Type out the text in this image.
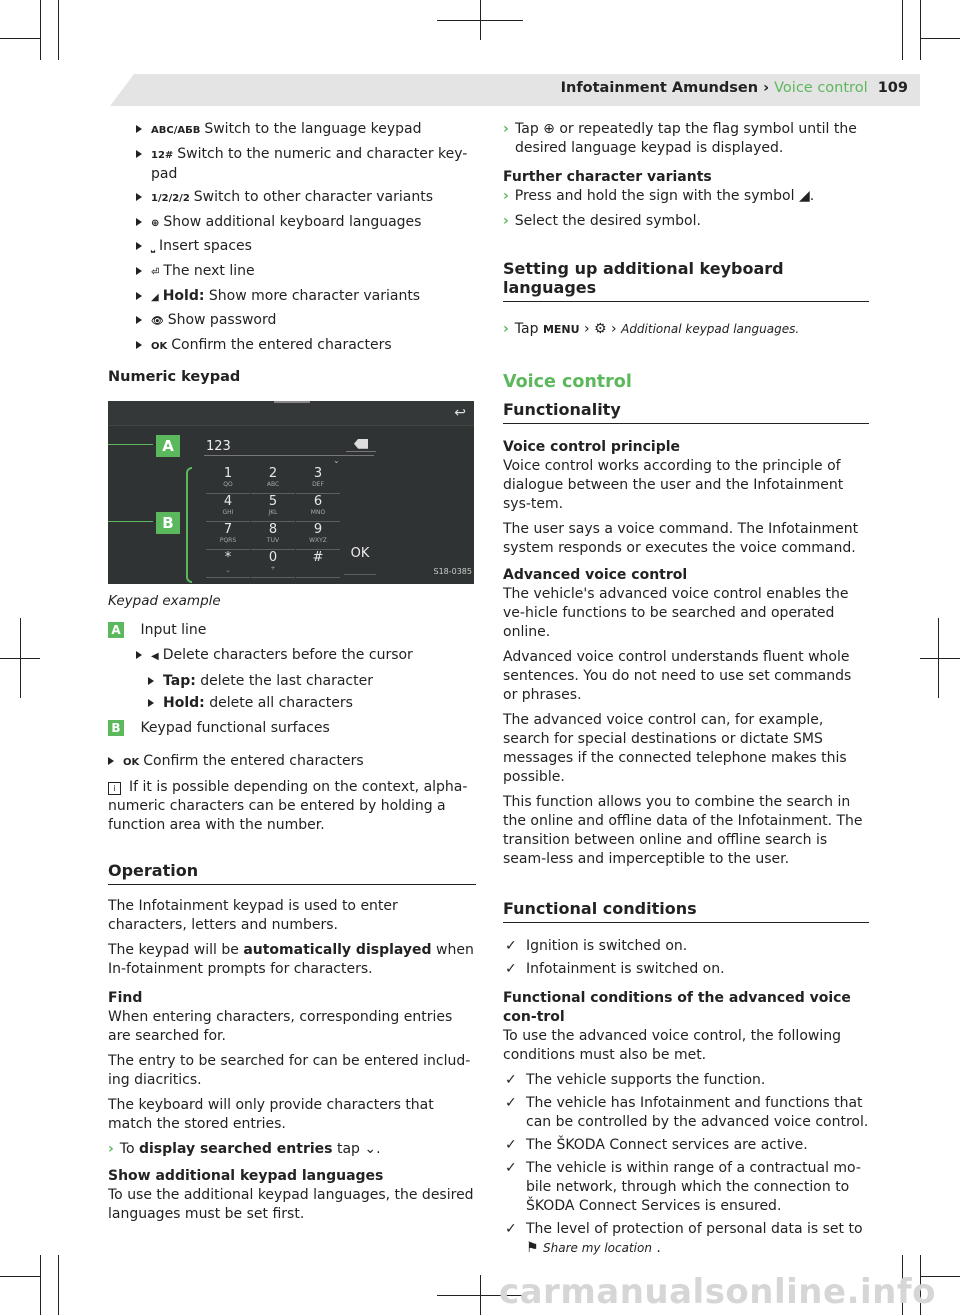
Infotainment Amundsen › Voice control 109
ABC/АБВ Switch to the language keypad
12# Switch to the numeric and character key-pad
1/2/2/2 Switch to other character variants
⊕ Show additional keyboard languages
⎵ Insert spaces
⏎ The next line
◢ Hold: Show more character variants
👁 Show password
OK Confirm the entered characters
Numeric keypad
↩
A	123
⌄
B
1
QO
2
ABC
3
DEF
4
GHI
5
JKL
6
MNO
7
PQRS
8
TUV
9
WXYZ
*
⎵
0
+
#	OK
S18-0385
Keypad example
A Input line
◀ Delete characters before the cursor
Tap: delete the last character
Hold: delete all characters
B Keypad functional surfaces
OK Confirm the entered characters

i If it is possible depending on the context, alpha-numeric characters can be entered by holding a function area with the number.

Operation

The Infotainment keypad is used to enter characters, letters and numbers.

The keypad will be automatically displayed when In-fotainment prompts for characters.

Find

When entering characters, corresponding entries are searched for.

The entry to be searched for can be entered includ-ing diacritics.

The keyboard will only provide characters that match the stored entries.

› To display searched entries tap ⌄.

Show additional keypad languages

To use the additional keypad languages, the desired languages must be set first.

› Tap ⊕ or repeatedly tap the flag symbol until the desired language keypad is displayed.

Further character variants

› Press and hold the sign with the symbol ◢.

› Select the desired symbol.

Setting up additional keyboard languages

› Tap MENU › ⚙ › Additional keypad languages.

Voice control
Functionality
Voice control principle

Voice control works according to the principle of dialogue between the user and the Infotainment sys-tem.

The user says a voice command. The Infotainment system responds or executes the voice command.

Advanced voice control

The vehicle's advanced voice control enables the ve-hicle functions to be searched and operated online.

Advanced voice control understands fluent whole sentences. You do not need to use set commands or phrases.

The advanced voice control can, for example, search for special destinations or dictate SMS messages if the connected telephone makes this possible.

This function allows you to combine the search in the online and offline data of the Infotainment. The transition between online and offline search is seam-less and imperceptible to the user.

Functional conditions
✓ Ignition is switched on.
✓ Infotainment is switched on.
Functional conditions of the advanced voice con-trol

To use the advanced voice control, the following conditions must also be met.

✓ The vehicle supports the function.
✓ The vehicle has Infotainment and functions that can be controlled by the advanced voice control.
✓ The ŠKODA Connect services are active.
✓ The vehicle is within range of a contractual mo-bile network, through which the connection to ŠKODA Connect Services is ensured.
✓ The level of protection of personal data is set to
⚑ Share my location .
carmanualsonline.info
